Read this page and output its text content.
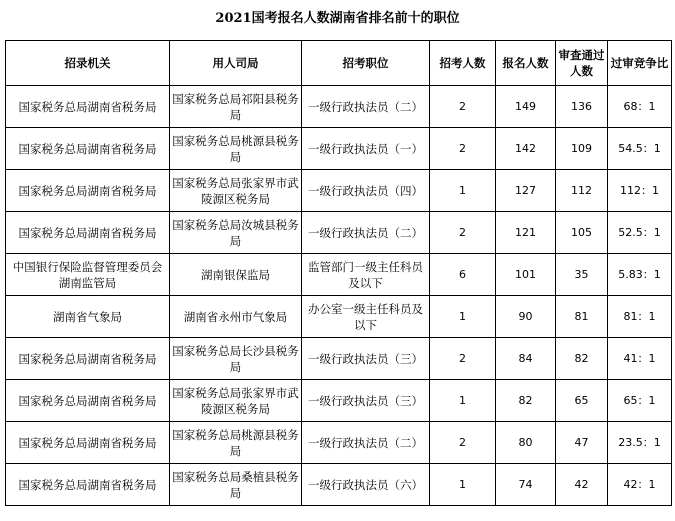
2021国考报名人数湖南省排名前十的职位
招录机关	用人司局	招考职位	招考人数	报名人数	审查通过人数	过审竞争比
国家税务总局湖南省税务局	国家税务总局祁阳县税务局	一级行政执法员（二）	2	149	136	68：1
国家税务总局湖南省税务局	国家税务总局桃源县税务局	一级行政执法员（一）	2	142	109	54.5：1
国家税务总局湖南省税务局	国家税务总局张家界市武陵源区税务局	一级行政执法员（四）	1	127	112	112：1
国家税务总局湖南省税务局	国家税务总局汝城县税务局	一级行政执法员（二）	2	121	105	52.5：1
中国银行保险监督管理委员会湖南监管局	湖南银保监局	监管部门一级主任科员及以下	6	101	35	5.83：1
湖南省气象局	湖南省永州市气象局	办公室一级主任科员及以下	1	90	81	81：1
国家税务总局湖南省税务局	国家税务总局长沙县税务局	一级行政执法员（三）	2	84	82	41：1
国家税务总局湖南省税务局	国家税务总局张家界市武陵源区税务局	一级行政执法员（三）	1	82	65	65：1
国家税务总局湖南省税务局	国家税务总局桃源县税务局	一级行政执法员（二）	2	80	47	23.5：1
国家税务总局湖南省税务局	国家税务总局桑植县税务局	一级行政执法员（六）	1	74	42	42：1
